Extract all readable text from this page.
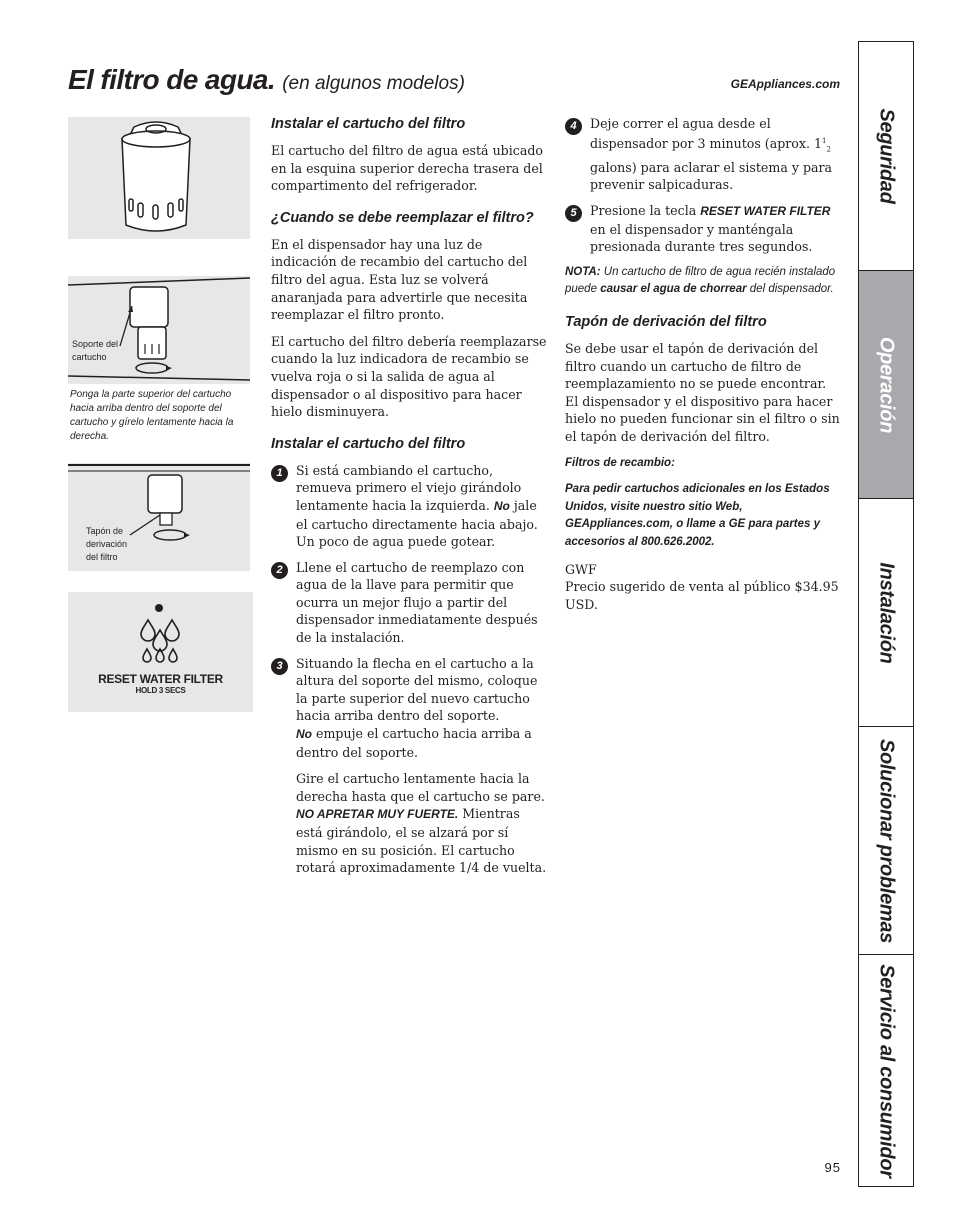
El filtro de agua. (en algunos modelos)	GEAppliances.com
Soporte del cartucho
Ponga la parte superior del cartucho hacia arriba dentro del soporte del cartucho y gírelo lentamente hacia la derecha.
Tapón de derivación del filtro
RESET WATER FILTER
HOLD 3 SECS
Instalar el cartucho del filtro

El cartucho del filtro de agua está ubicado en la esquina superior derecha trasera del compartimento del refrigerador.

¿Cuando se debe reemplazar el filtro?

En el dispensador hay una luz de indicación de recambio del cartucho del filtro del agua. Esta luz se volverá anaranjada para advertirle que necesita reemplazar el filtro pronto.

El cartucho del filtro debería reemplazarse cuando la luz indicadora de recambio se vuelva roja o si la salida de agua al dispensador o al dispositivo para hacer hielo disminuyera.

Instalar el cartucho del filtro
1	Si está cambiando el cartucho, remueva primero el viejo girándolo lentamente hacia la izquierda. No jale el cartucho directamente hacia abajo. Un poco de agua puede gotear.
2	Llene el cartucho de reemplazo con agua de la llave para permitir que ocurra un mejor flujo a partir del dispensador inmediatamente después de la instalación.
3	Situando la flecha en el cartucho a la altura del soporte del mismo, coloque la parte superior del nuevo cartucho hacia arriba dentro del soporte.
No empuje el cartucho hacia arriba a dentro del soporte.
Gire el cartucho lentamente hacia la derecha hasta que el cartucho se pare. NO APRETAR MUY FUERTE. Mientras está girándolo, el se alzará por sí mismo en su posición. El cartucho rotará aproximadamente 1/4 de vuelta.
4	Deje correr el agua desde el dispensador por 3 minutos (aprox. $1^1_2$ galons) para aclarar el sistema y para prevenir salpicaduras.
5	Presione la tecla RESET WATER FILTER en el dispensador y manténgala presionada durante tres segundos.

NOTA: Un cartucho de filtro de agua recién instalado puede causar el agua de chorrear del dispensador.

Tapón de derivación del filtro

Se debe usar el tapón de derivación del filtro cuando un cartucho de filtro de reemplazamiento no se puede encontrar. El dispensador y el dispositivo para hacer hielo no pueden funcionar sin el filtro o sin el tapón de derivación del filtro.

Filtros de recambio:

Para pedir cartuchos adicionales en los Estados Unidos, visite nuestro sitio Web, GEAppliances.com, o llame a GE para partes y accesorios al 800.626.2002.

GWF
Precio sugerido de venta al público $34.95 USD.
Seguridad
Operación
Instalación
Solucionar problemas
Servicio al consumidor
95
